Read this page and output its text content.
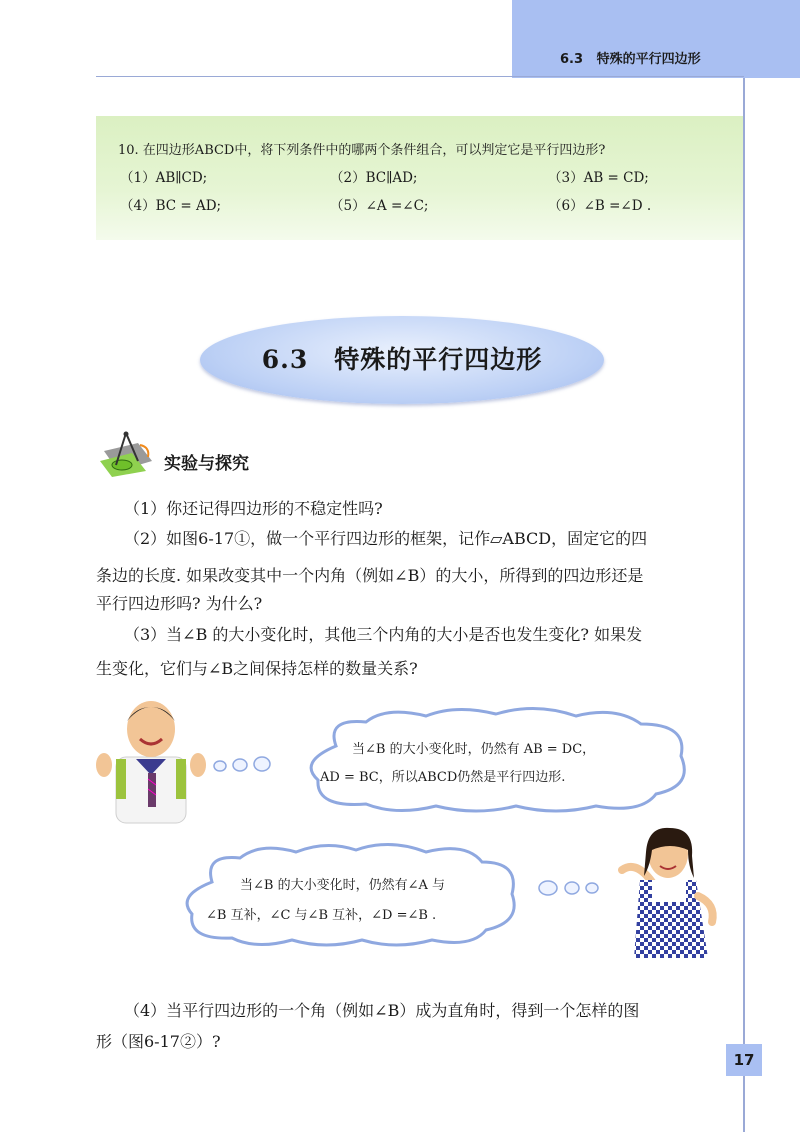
6.3 特殊的平行四边形
10. 在四边形ABCD中，将下列条件中的哪两个条件组合，可以判定它是平行四边形?
（1）AB∥CD;	（2）BC∥AD;	（3）AB = CD;
（4）BC = AD;	（5）∠A =∠C;	（6）∠B =∠D .
6.3　特殊的平行四边形
实验与探究
（1）你还记得四边形的不稳定性吗?
（2）如图6-17①，做一个平行四边形的框架，记作▱ABCD，固定它的四
条边的长度. 如果改变其中一个内角（例如∠B）的大小，所得到的四边形还是
平行四边形吗? 为什么?
（3）当∠B 的大小变化时，其他三个内角的大小是否也发生变化? 如果发
生变化，它们与∠B之间保持怎样的数量关系?
当∠B 的大小变化时，仍然有 AB = DC，
AD = BC，所以ABCD仍然是平行四边形.
当∠B 的大小变化时，仍然有∠A 与
∠B 互补，∠C 与∠B 互补，∠D =∠B .
（4）当平行四边形的一个角（例如∠B）成为直角时，得到一个怎样的图
形（图6-17②）?
17
